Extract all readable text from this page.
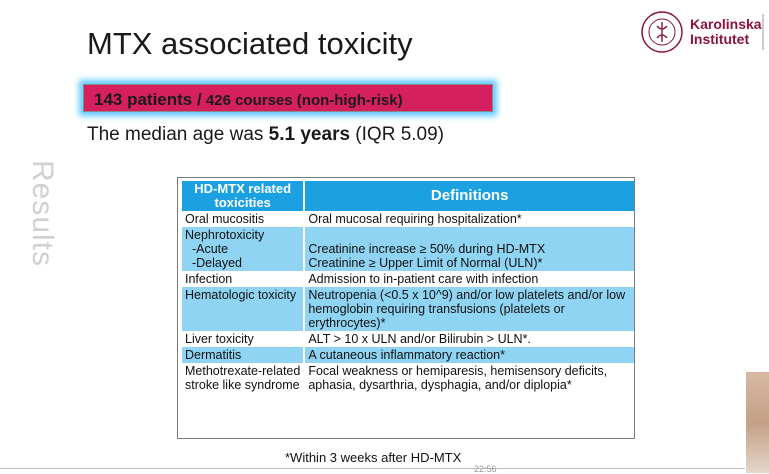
MTX associated toxicity
Karolinska
Institutet
143 patients / 426 courses (non-high-risk)
The median age was 5.1 years (IQR 5.09)
Results	HD-MTX related toxicities	Definitions

Oral mucositis	Oral mucosal requiring hospitalization*

Nephrotoxicity
-Acute
-Delayed	Creatinine increase ≥ 50% during HD-MTX
Creatinine ≥ Upper Limit of Normal (ULN)*

Infection	Admission to in-patient care with infection

Hematologic toxicity	Neutropenia (<0.5 x 10^9) and/or low platelets and/or low
hemoglobin requiring transfusions (platelets or
erythrocytes)*

Liver toxicity	ALT > 10 x ULN and/or Bilirubin > ULN*.

Dermatitis	A cutaneous inflammatory reaction*

Methotrexate-related
stroke like syndrome	Focal weakness or hemiparesis, hemisensory deficits,
aphasia, dysarthria, dysphagia, and/or diplopia*
*Within 3 weeks after HD-MTX
22:56
